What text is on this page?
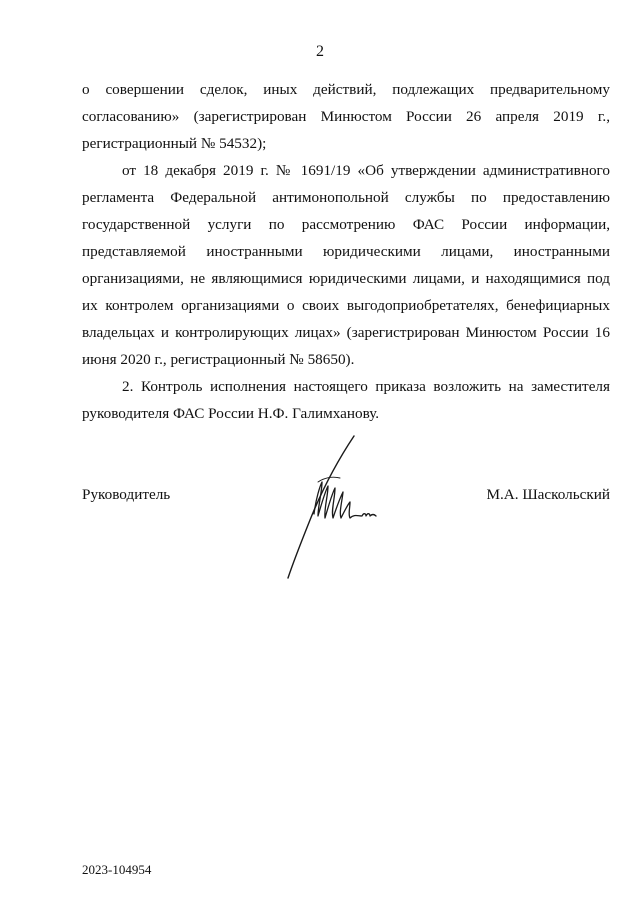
2

о совершении сделок, иных действий, подлежащих предварительному согласованию» (зарегистрирован Минюстом России 26 апреля 2019 г., регистрационный № 54532);

от 18 декабря 2019 г. № 1691/19 «Об утверждении административного регламента Федеральной антимонопольной службы по предоставлению государственной услуги по рассмотрению ФАС России информации, представляемой иностранными юридическими лицами, иностранными организациями, не являющимися юридическими лицами, и находящимися под их контролем организациями о своих выгодоприобретателях, бенефициарных владельцах и контролирующих лицах» (зарегистрирован Минюстом России 16 июня 2020 г., регистрационный № 58650).

2. Контроль исполнения настоящего приказа возложить на заместителя руководителя ФАС России Н.Ф. Галимханову.

Руководитель	М.А. Шаскольский
2023-104954
